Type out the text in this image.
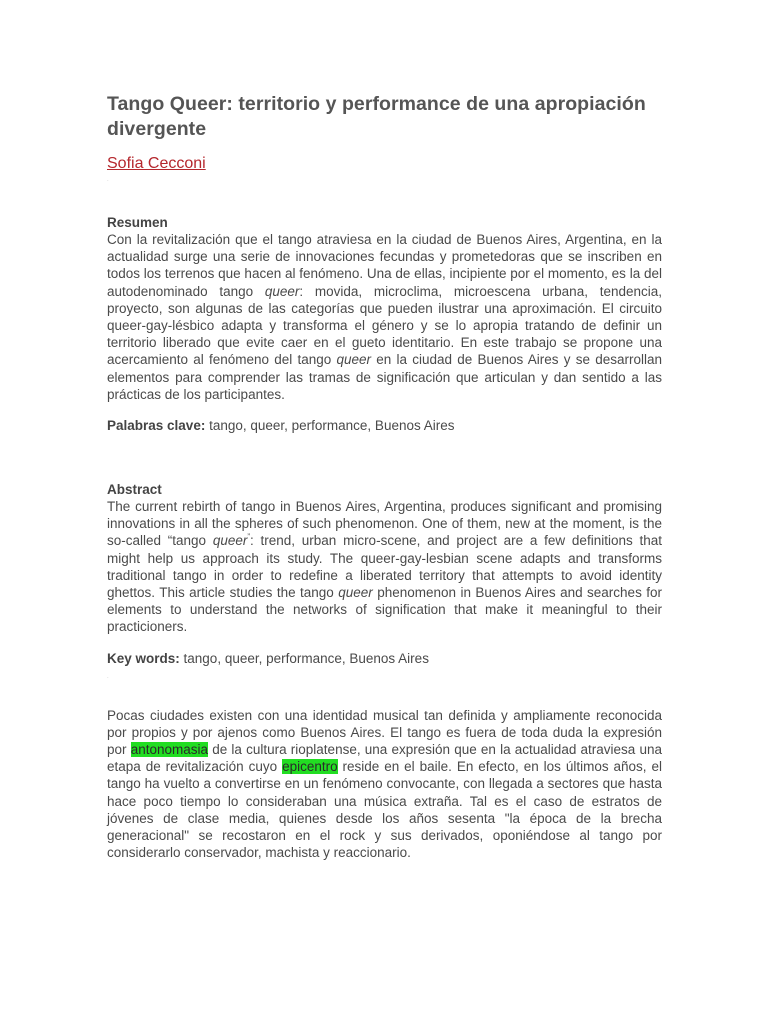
Tango Queer: territorio y performance de una apropiación divergente
Sofia Cecconi
.
Resumen

Con la revitalización que el tango atraviesa en la ciudad de Buenos Aires, Argentina, en la actualidad surge una serie de innovaciones fecundas y prometedoras que se inscriben en todos los terrenos que hacen al fenómeno. Una de ellas, incipiente por el momento, es la del autodenominado tango queer: movida, microclima, microescena urbana, tendencia, proyecto, son algunas de las categorías que pueden ilustrar una aproximación. El circuito queer-gay-lésbico adapta y transforma el género y se lo apropia tratando de definir un territorio liberado que evite caer en el gueto identitario. En este trabajo se propone una acercamiento al fenómeno del tango queer en la ciudad de Buenos Aires y se desarrollan elementos para comprender las tramas de significación que articulan y dan sentido a las prácticas de los participantes.

Palabras clave: tango, queer, performance, Buenos Aires
Abstract

The current rebirth of tango in Buenos Aires, Argentina, produces significant and promising innovations in all the spheres of such phenomenon. One of them, new at the moment, is the so-called “tango queer”: trend, urban micro-scene, and project are a few definitions that might help us approach its study. The queer-gay-lesbian scene adapts and transforms traditional tango in order to redefine a liberated territory that attempts to avoid identity ghettos. This article studies the tango queer phenomenon in Buenos Aires and searches for elements to understand the networks of signification that make it meaningful to their practicioners.

Key words: tango, queer, performance, Buenos Aires
.

Pocas ciudades existen con una identidad musical tan definida y ampliamente reconocida por propios y por ajenos como Buenos Aires. El tango es fuera de toda duda la expresión por antonomasia de la cultura rioplatense, una expresión que en la actualidad atraviesa una etapa de revitalización cuyo epicentro reside en el baile. En efecto, en los últimos años, el tango ha vuelto a convertirse en un fenómeno convocante, con llegada a sectores que hasta hace poco tiempo lo consideraban una música extraña. Tal es el caso de estratos de jóvenes de clase media, quienes desde los años sesenta "la época de la brecha generacional" se recostaron en el rock y sus derivados, oponiéndose al tango por considerarlo conservador, machista y reaccionario.
